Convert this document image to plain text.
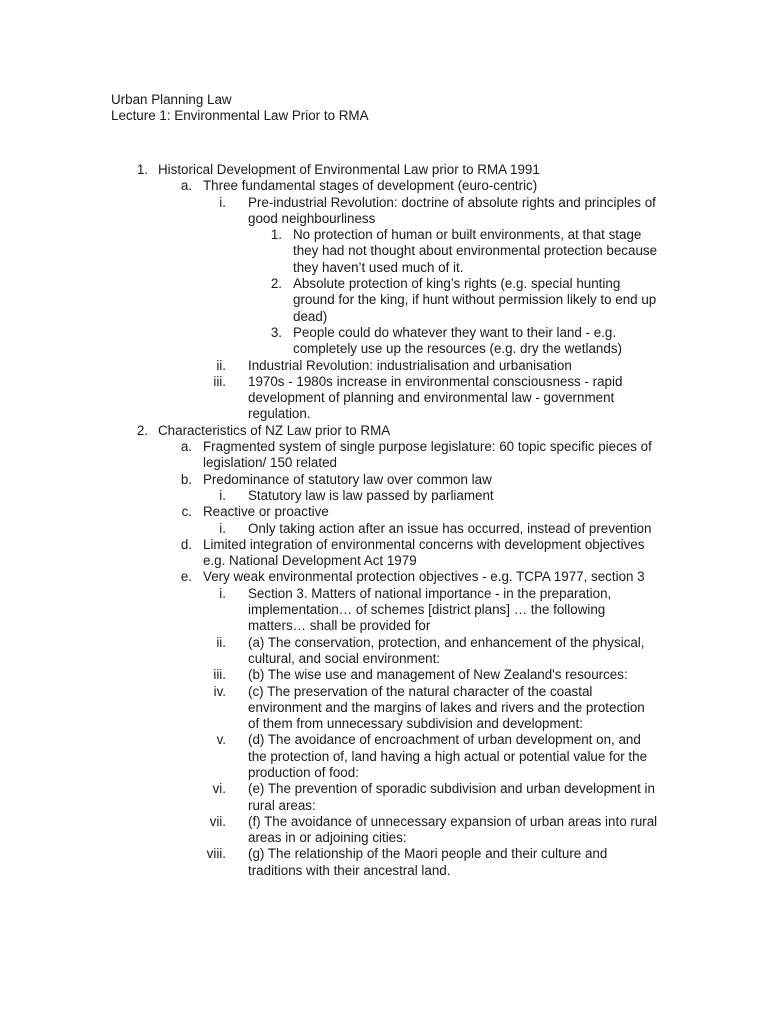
Urban Planning Law
Lecture 1: Environmental Law Prior to RMA
1. Historical Development of Environmental Law prior to RMA 1991
a. Three fundamental stages of development (euro-centric)
i. Pre-industrial Revolution: doctrine of absolute rights and principles of good neighbourliness
1. No protection of human or built environments, at that stage they had not thought about environmental protection because they haven’t used much of it.
2. Absolute protection of king’s rights (e.g. special hunting ground for the king, if hunt without permission likely to end up dead)
3. People could do whatever they want to their land - e.g. completely use up the resources (e.g. dry the wetlands)
ii. Industrial Revolution: industrialisation and urbanisation
iii. 1970s - 1980s increase in environmental consciousness - rapid development of planning and environmental law - government regulation.
2. Characteristics of NZ Law prior to RMA
a. Fragmented system of single purpose legislature: 60 topic specific pieces of legislation/ 150 related
b. Predominance of statutory law over common law
i. Statutory law is law passed by parliament
c. Reactive or proactive
i. Only taking action after an issue has occurred, instead of prevention
d. Limited integration of environmental concerns with development objectives e.g. National Development Act 1979
e. Very weak environmental protection objectives - e.g. TCPA 1977, section 3
i. Section 3. Matters of national importance - in the preparation, implementation… of schemes [district plans] … the following matters… shall be provided for
ii. (a) The conservation, protection, and enhancement of the physical, cultural, and social environment:
iii. (b) The wise use and management of New Zealand's resources:
iv. (c) The preservation of the natural character of the coastal environment and the margins of lakes and rivers and the protection of them from unnecessary subdivision and development:
v. (d) The avoidance of encroachment of urban development on, and the protection of, land having a high actual or potential value for the production of food:
vi. (e) The prevention of sporadic subdivision and urban development in rural areas:
vii. (f) The avoidance of unnecessary expansion of urban areas into rural areas in or adjoining cities:
viii. (g) The relationship of the Maori people and their culture and traditions with their ancestral land.
